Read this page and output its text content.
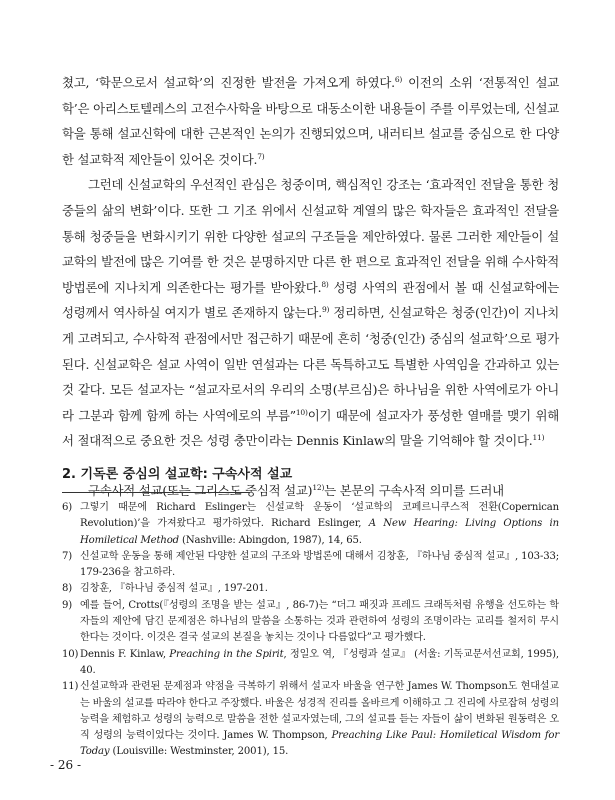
쳤고, ‘학문으로서 설교학’의 진정한 발전을 가져오게 하였다.$^{6)}$ 이전의 소위 ‘전통적인 설교학’은 아리스토텔레스의 고전수사학을 바탕으로 대동소이한 내용들이 주를 이루었는데, 신설교학을 통해 설교신학에 대한 근본적인 논의가 진행되었으며, 내러티브 설교를 중심으로 한 다양한 설교학적 제안들이 있어온 것이다.$^{7)}$

그런데 신설교학의 우선적인 관심은 청중이며, 핵심적인 강조는 ‘효과적인 전달을 통한 청중들의 삶의 변화’이다. 또한 그 기조 위에서 신설교학 계열의 많은 학자들은 효과적인 전달을 통해 청중들을 변화시키기 위한 다양한 설교의 구조들을 제안하였다. 물론 그러한 제안들이 설교학의 발전에 많은 기여를 한 것은 분명하지만 다른 한 편으로 효과적인 전달을 위해 수사학적 방법론에 지나치게 의존한다는 평가를 받아왔다.$^{8)}$ 성령 사역의 관점에서 볼 때 신설교학에는 성령께서 역사하실 여지가 별로 존재하지 않는다.$^{9)}$ 정리하면, 신설교학은 청중(인간)이 지나치게 고려되고, 수사학적 관점에서만 접근하기 때문에 흔히 ‘청중(인간) 중심의 설교학’으로 평가된다. 신설교학은 설교 사역이 일반 연설과는 다른 독특하고도 특별한 사역임을 간과하고 있는 것 같다. 모든 설교자는 “설교자로서의 우리의 소명(부르심)은 하나님을 위한 사역에로가 아니라 그분과 함께 함께 하는 사역에로의 부름”$^{10)}$이기 때문에 설교자가 풍성한 열매를 맺기 위해서 절대적으로 중요한 것은 성령 충만이라는 Dennis Kinlaw의 말을 기억해야 할 것이다.$^{11)}$

2. 기독론 중심의 설교학: 구속사적 설교

구속사적 설교(또는 그리스도 중심적 설교)$^{12)}$는 본문의 구속사적 의미를 드러내

6) 그렇기 때문에 Richard Eslinger는 신설교학 운동이 ‘설교학의 코페르니쿠스적 전환(Copernican Revolution)’을 가져왔다고 평가하였다. Richard Eslinger, A New Hearing: Living Options in Homiletical Method (Nashville: Abingdon, 1987), 14, 65.
7) 신설교학 운동을 통해 제안된 다양한 설교의 구조와 방법론에 대해서 김창훈, 『하나님 중심적 설교』, 103-33; 179-236을 참고하라.
8) 김창훈, 『하나님 중심적 설교』, 197-201.
9) 예를 들어, Crotts(『성령의 조명을 받는 설교』, 86-7)는 “더그 패짓과 프레드 크래독처럼 유행을 선도하는 학자들의 제안에 담긴 문제점은 하나님의 말씀을 소통하는 것과 관련하여 성령의 조명이라는 교리를 철저히 무시한다는 것이다. 이것은 결국 설교의 본질을 놓치는 것이나 다름없다”고 평가했다.
10) Dennis F. Kinlaw, Preaching in the Spirit, 정일오 역, 『성령과 설교』 (서울: 기독교문서선교회, 1995), 40.
11) 신설교학과 관련된 문제점과 약점을 극복하기 위해서 설교자 바울을 연구한 James W. Thompson도 현대설교는 바울의 설교를 따라야 한다고 주장했다. 바울은 성경적 진리를 올바르게 이해하고 그 진리에 사로잡혀 성령의 능력을 체험하고 성령의 능력으로 말씀을 전한 설교자였는데, 그의 설교를 듣는 자들이 삶이 변화된 원동력은 오직 성령의 능력이었다는 것이다. James W. Thompson, Preaching Like Paul: Homiletical Wisdom for Today (Louisville: Westminster, 2001), 15.
- 26 -
